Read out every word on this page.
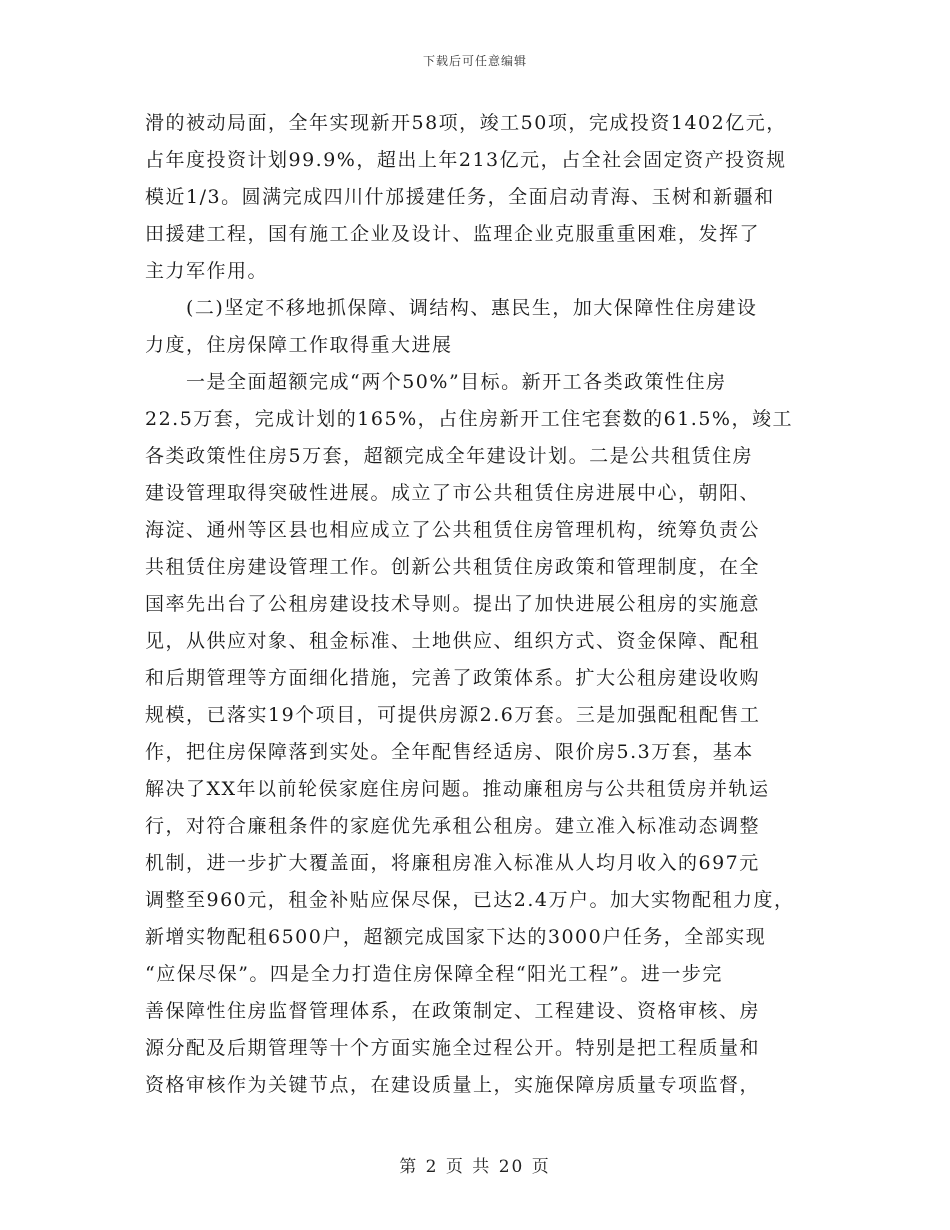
下载后可任意编辑
滑的被动局面，全年实现新开58项，竣工50项，完成投资1402亿元，
占年度投资计划99.9%，超出上年213亿元，占全社会固定资产投资规
模近1/3。圆满完成四川什邡援建任务，全面启动青海、玉树和新疆和
田援建工程，国有施工企业及设计、监理企业克服重重困难，发挥了
主力军作用。
　　(二)坚定不移地抓保障、调结构、惠民生，加大保障性住房建设
力度，住房保障工作取得重大进展
　　一是全面超额完成“两个50%”目标。新开工各类政策性住房
22.5万套，完成计划的165%，占住房新开工住宅套数的61.5%，竣工
各类政策性住房5万套，超额完成全年建设计划。二是公共租赁住房
建设管理取得突破性进展。成立了市公共租赁住房进展中心，朝阳、
海淀、通州等区县也相应成立了公共租赁住房管理机构，统筹负责公
共租赁住房建设管理工作。创新公共租赁住房政策和管理制度，在全
国率先出台了公租房建设技术导则。提出了加快进展公租房的实施意
见，从供应对象、租金标准、土地供应、组织方式、资金保障、配租
和后期管理等方面细化措施，完善了政策体系。扩大公租房建设收购
规模，已落实19个项目，可提供房源2.6万套。三是加强配租配售工
作，把住房保障落到实处。全年配售经适房、限价房5.3万套，基本
解决了XX年以前轮侯家庭住房问题。推动廉租房与公共租赁房并轨运
行，对符合廉租条件的家庭优先承租公租房。建立准入标准动态调整
机制，进一步扩大覆盖面，将廉租房准入标准从人均月收入的697元
调整至960元，租金补贴应保尽保，已达2.4万户。加大实物配租力度，
新增实物配租6500户，超额完成国家下达的3000户任务，全部实现
“应保尽保”。四是全力打造住房保障全程“阳光工程”。进一步完
善保障性住房监督管理体系，在政策制定、工程建设、资格审核、房
源分配及后期管理等十个方面实施全过程公开。特别是把工程质量和
资格审核作为关键节点，在建设质量上，实施保障房质量专项监督，
第 2 页 共 20 页
